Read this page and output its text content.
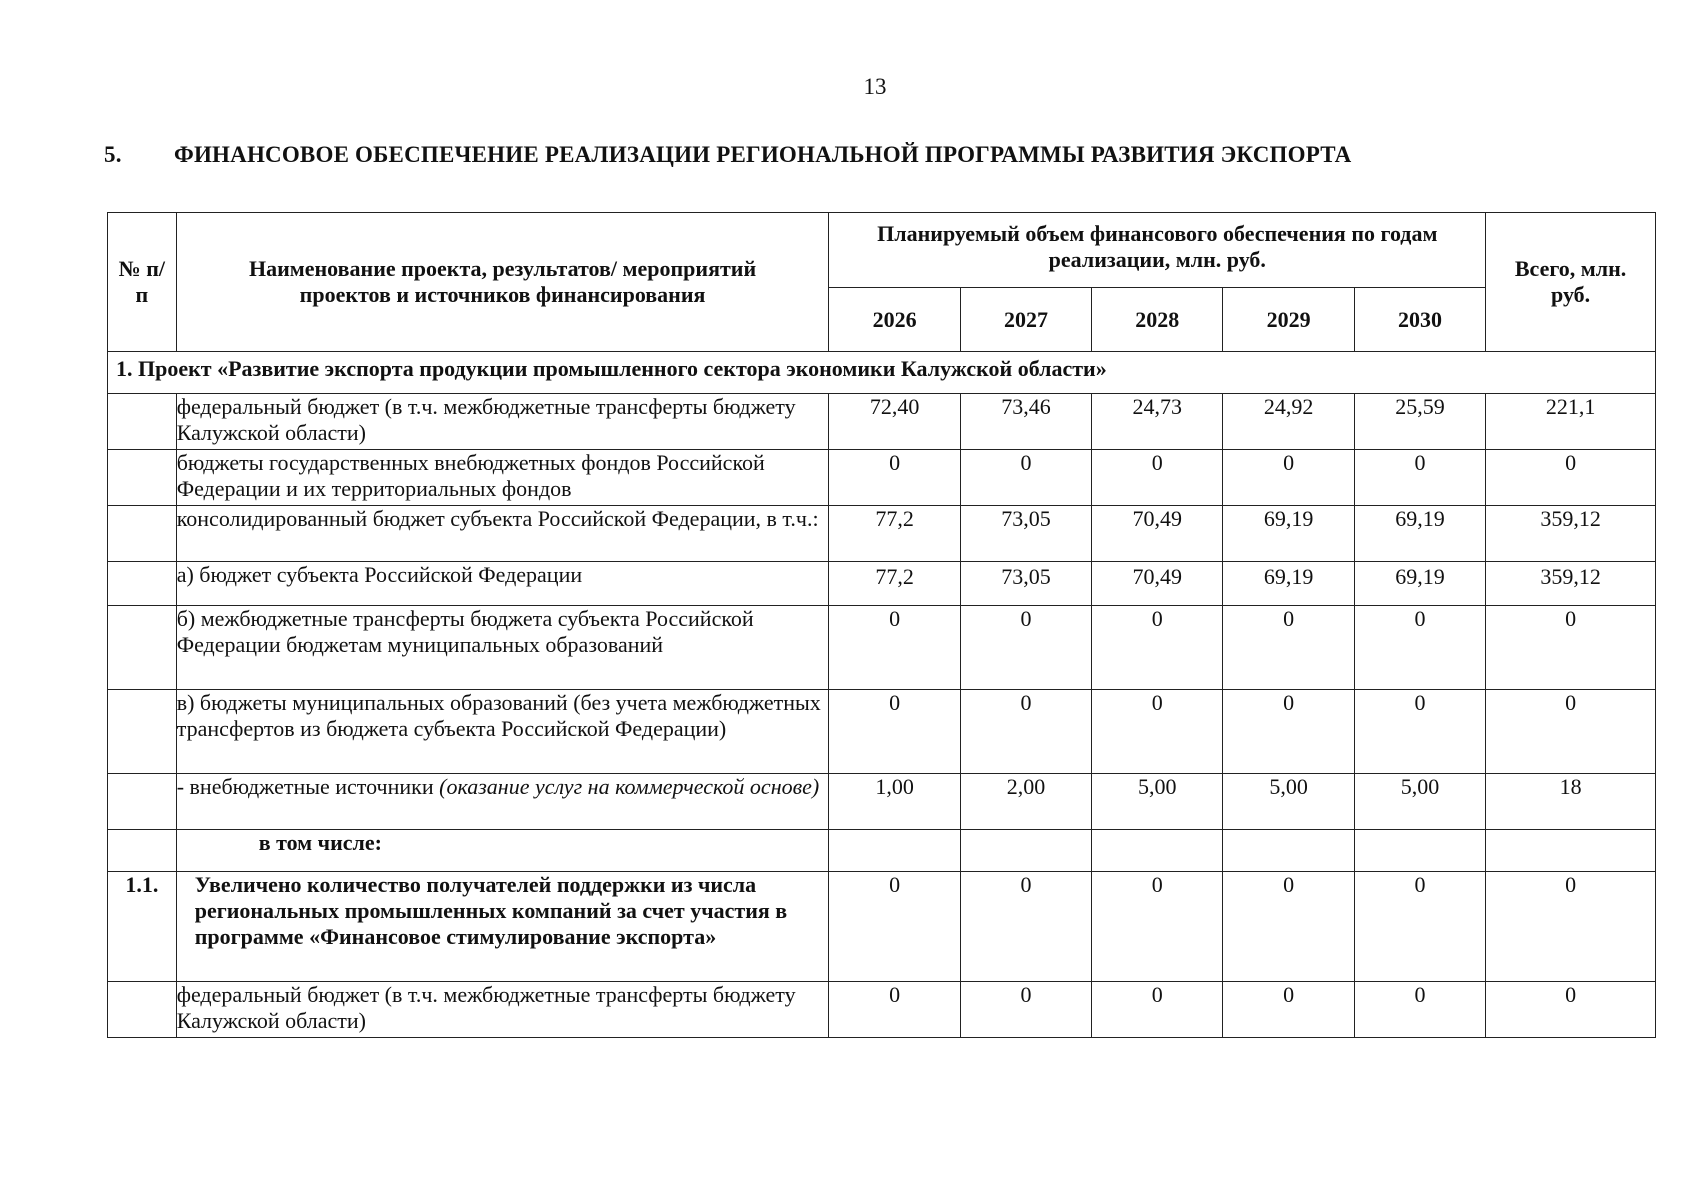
13
5. ФИНАНСОВОЕ ОБЕСПЕЧЕНИЕ РЕАЛИЗАЦИИ РЕГИОНАЛЬНОЙ ПРОГРАММЫ РАЗВИТИЯ ЭКСПОРТА
№ п/п	Наименование проекта, результатов/ мероприятий проектов и источников финансирования	Планируемый объем финансового обеспечения по годам реализации, млн. руб.					Всего, млн. руб.
		2026	2027	2028	2029	2030	
1. Проект «Развитие экспорта продукции промышленного сектора экономики Калужской области»							
	федеральный бюджет (в т.ч. межбюджетные трансферты бюджету Калужской области)	72,40	73,46	24,73	24,92	25,59	221,1
	бюджеты государственных внебюджетных фондов Российской Федерации и их территориальных фондов	0	0	0	0	0	0
	консолидированный бюджет субъекта Российской Федерации, в т.ч.:	77,2	73,05	70,49	69,19	69,19	359,12
	а) бюджет субъекта Российской Федерации	77,2	73,05	70,49	69,19	69,19	359,12
	б) межбюджетные трансферты бюджета субъекта Российской Федерации бюджетам муниципальных образований	0	0	0	0	0	0
	в) бюджеты муниципальных образований (без учета межбюджетных трансфертов из бюджета субъекта Российской Федерации)	0	0	0	0	0	0
	- внебюджетные источники (оказание услуг на коммерческой основе)	1,00	2,00	5,00	5,00	5,00	18
	в том числе:						
1.1.	Увеличено количество получателей поддержки из числа региональных промышленных компаний за счет участия в программе «Финансовое стимулирование экспорта»	0	0	0	0	0	0
	федеральный бюджет (в т.ч. межбюджетные трансферты бюджету Калужской области)	0	0	0	0	0	0
